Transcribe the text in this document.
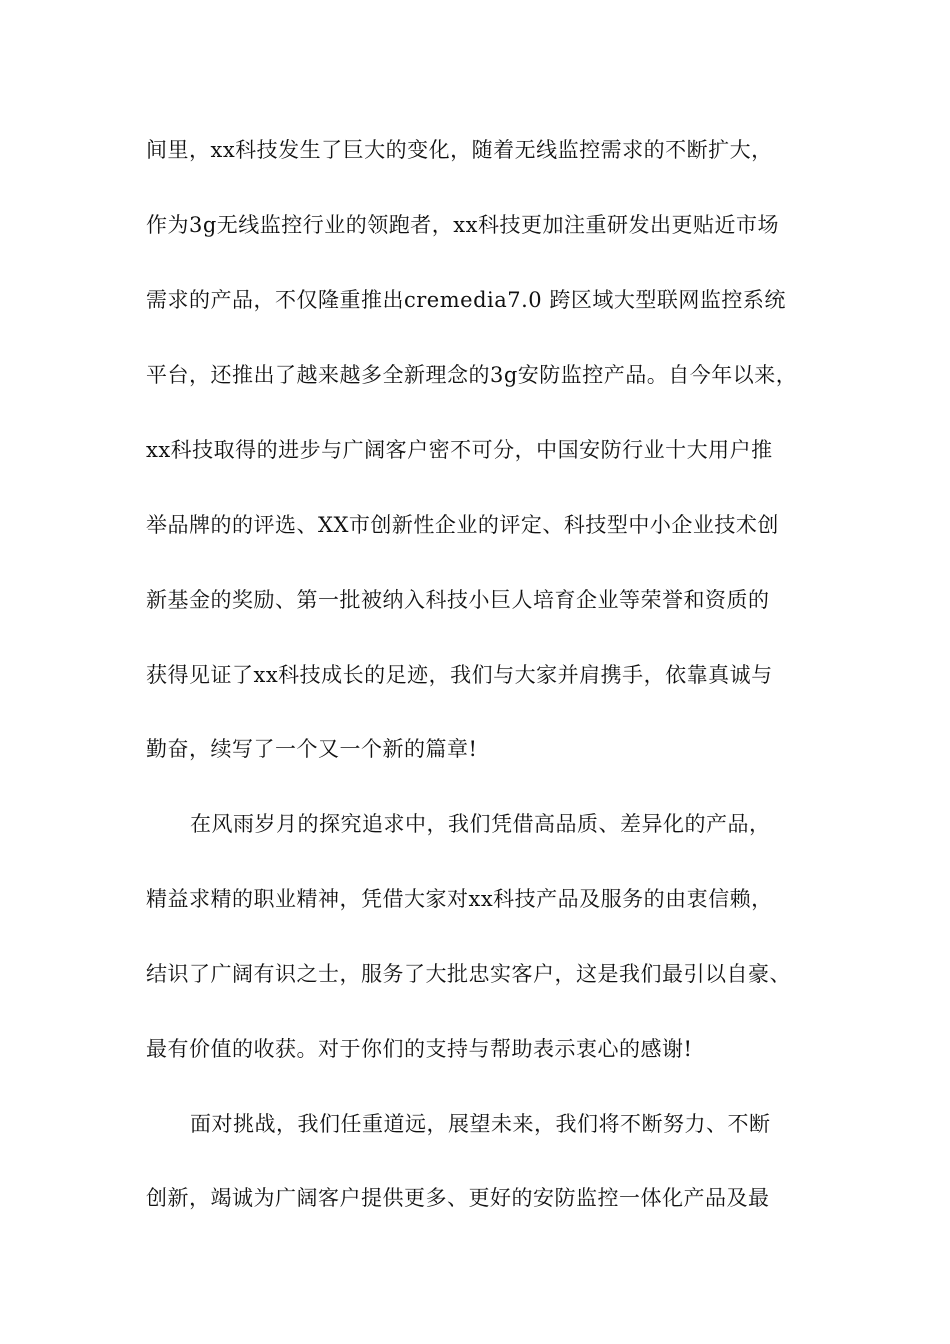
间里，xx科技发生了巨大的变化，随着无线监控需求的不断扩大，
作为3g无线监控行业的领跑者，xx科技更加注重研发出更贴近市场
需求的产品，不仅隆重推出cremedia7.0 跨区域大型联网监控系统
平台，还推出了越来越多全新理念的3g安防监控产品。自今年以来，
xx科技取得的进步与广阔客户密不可分，中国安防行业十大用户推
举品牌的的评选、XX市创新性企业的评定、科技型中小企业技术创
新基金的奖励、第一批被纳入科技小巨人培育企业等荣誉和资质的
获得见证了xx科技成长的足迹，我们与大家并肩携手，依靠真诚与
勤奋，续写了一个又一个新的篇章!
在风雨岁月的探究追求中，我们凭借高品质、差异化的产品，
精益求精的职业精神，凭借大家对xx科技产品及服务的由衷信赖，
结识了广阔有识之士，服务了大批忠实客户，这是我们最引以自豪、
最有价值的收获。对于你们的支持与帮助表示衷心的感谢!
面对挑战，我们任重道远，展望未来，我们将不断努力、不断
创新，竭诚为广阔客户提供更多、更好的安防监控一体化产品及最
